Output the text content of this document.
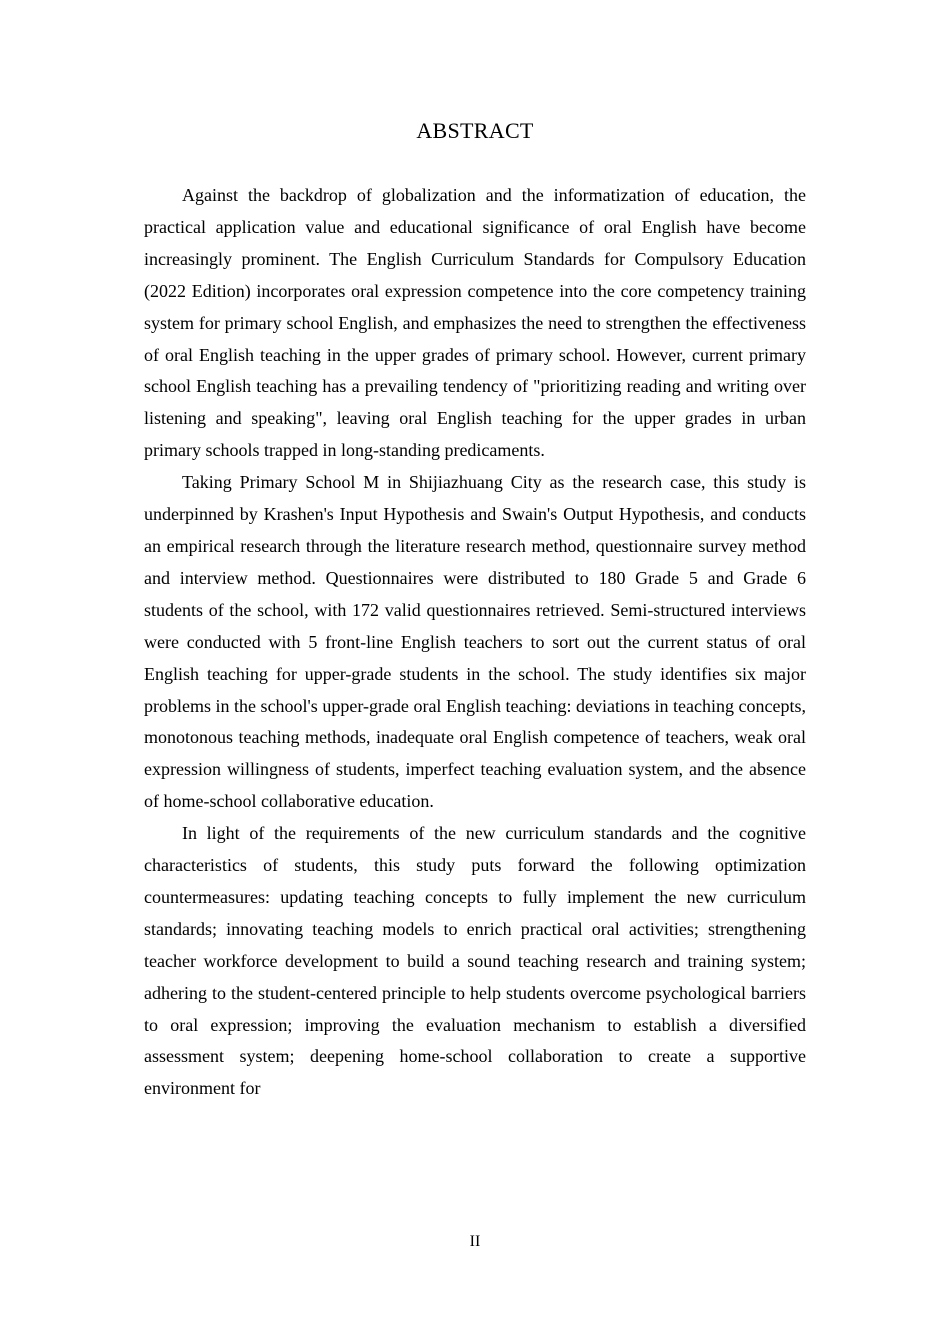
ABSTRACT

Against the backdrop of globalization and the informatization of education, the practical application value and educational significance of oral English have become increasingly prominent. The English Curriculum Standards for Compulsory Education (2022 Edition) incorporates oral expression competence into the core competency training system for primary school English, and emphasizes the need to strengthen the effectiveness of oral English teaching in the upper grades of primary school. However, current primary school English teaching has a prevailing tendency of "prioritizing reading and writing over listening and speaking", leaving oral English teaching for the upper grades in urban primary schools trapped in long-standing predicaments.

Taking Primary School M in Shijiazhuang City as the research case, this study is underpinned by Krashen's Input Hypothesis and Swain's Output Hypothesis, and conducts an empirical research through the literature research method, questionnaire survey method and interview method. Questionnaires were distributed to 180 Grade 5 and Grade 6 students of the school, with 172 valid questionnaires retrieved. Semi-structured interviews were conducted with 5 front-line English teachers to sort out the current status of oral English teaching for upper-grade students in the school. The study identifies six major problems in the school's upper-grade oral English teaching: deviations in teaching concepts, monotonous teaching methods, inadequate oral English competence of teachers, weak oral expression willingness of students, imperfect teaching evaluation system, and the absence of home-school collaborative education.

In light of the requirements of the new curriculum standards and the cognitive characteristics of students, this study puts forward the following optimization countermeasures: updating teaching concepts to fully implement the new curriculum standards; innovating teaching models to enrich practical oral activities; strengthening teacher workforce development to build a sound teaching research and training system; adhering to the student-centered principle to help students overcome psychological barriers to oral expression; improving the evaluation mechanism to establish a diversified assessment system; deepening home-school collaboration to create a supportive environment for

II
